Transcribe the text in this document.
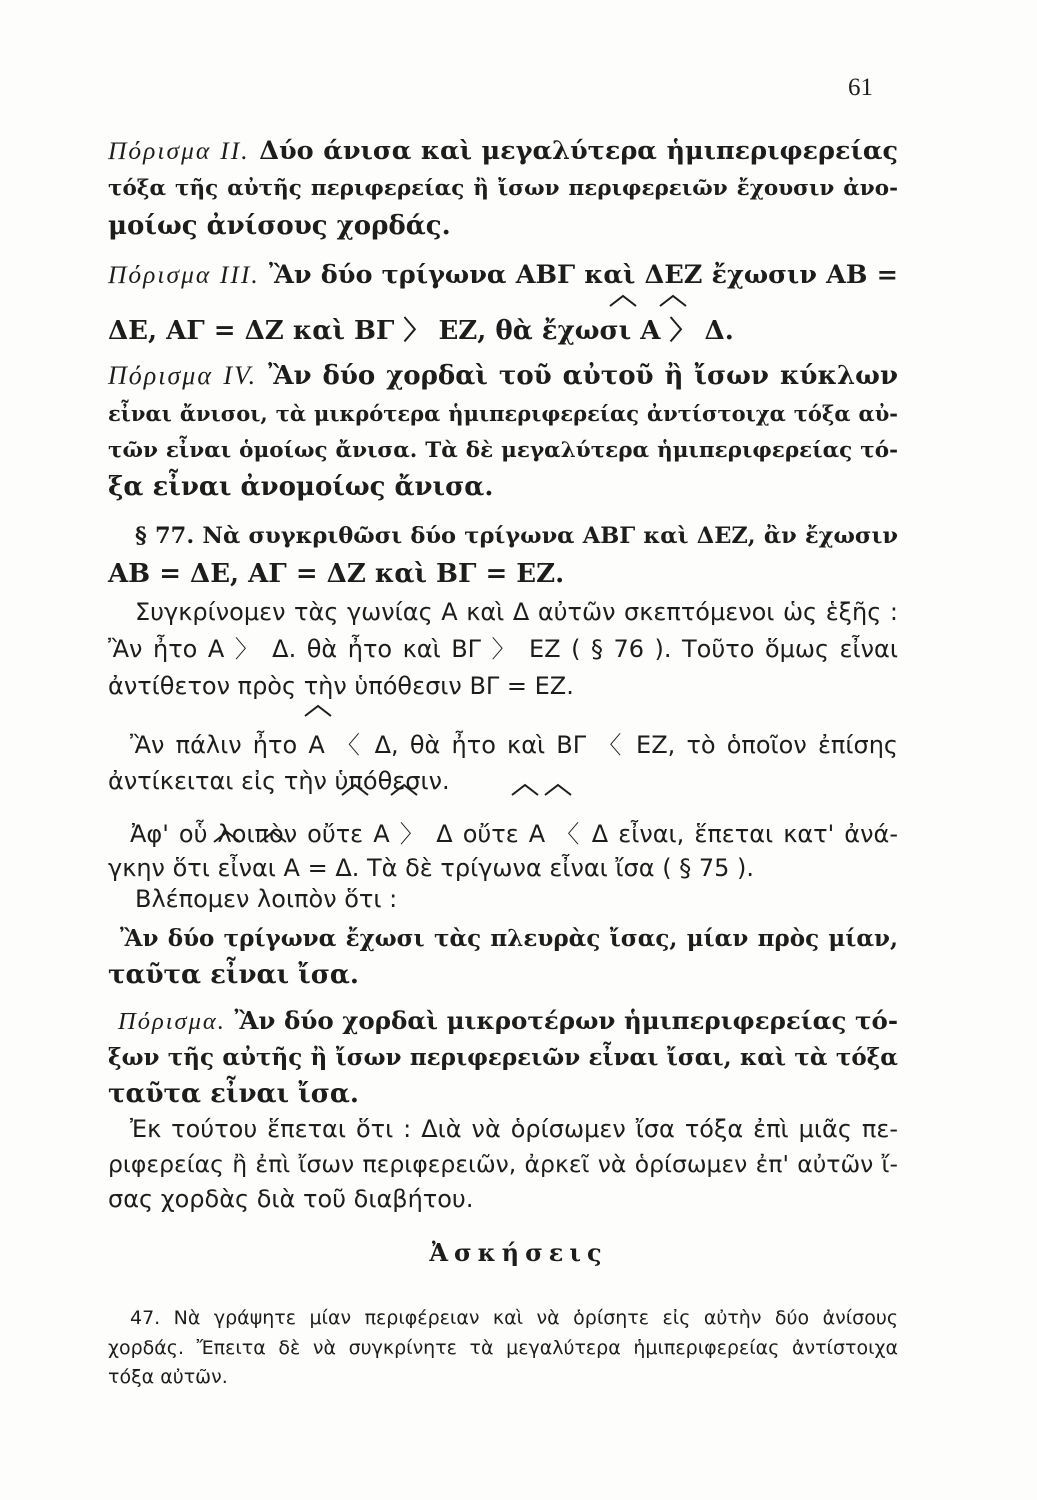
61
Πόρισμα II. Δύο άνισα καὶ μεγαλύτερα ἡμιπεριφερείας
τόξα τῆς αὐτῆς περιφερείας ἢ ἴσων περιφερειῶν ἔχουσιν ἀνο-
μοίως ἀνίσους χορδάς.
Πόρισμα III. Ἂν δύο τρίγωνα ΑΒΓ καὶ ΔΕΖ ἔχωσιν ΑΒ =
ΔΕ, ΑΓ = ΔΖ καὶ ΒΓ 〉 ΕΖ, θὰ ἔχωσι Α 〉 Δ.
Πόρισμα IV. Ἂν δύο χορδαὶ τοῦ αὐτοῦ ἢ ἴσων κύκλων
εἶναι ἄνισοι, τὰ μικρότερα ἡμιπεριφερείας ἀντίστοιχα τόξα αὐ-
τῶν εἶναι ὁμοίως ἄνισα. Τὰ δὲ μεγαλύτερα ἡμιπεριφερείας τό-
ξα εἶναι ἀνομοίως ἄνισα.
§ 77. Νὰ συγκριθῶσι δύο τρίγωνα ΑΒΓ καὶ ΔΕΖ, ἂν ἔχωσιν
ΑΒ = ΔΕ, ΑΓ = ΔΖ καὶ ΒΓ = ΕΖ.
Συγκρίνομεν τὰς γωνίας Α καὶ Δ αὐτῶν σκεπτόμενοι ὡς ἑξῆς :
Ἂν ἦτο Α 〉 Δ. θὰ ἦτο καὶ ΒΓ 〉 ΕΖ ( § 76 ). Τοῦτο ὅμως εἶναι
ἀντίθετον πρὸς τὴν ὑπόθεσιν ΒΓ = ΕΖ.
Ἂν πάλιν ἦτο Α 〈 Δ, θὰ ἦτο καὶ ΒΓ 〈 ΕΖ, τὸ ὁποῖον ἐπίσης
ἀντίκειται εἰς τὴν ὑπόθεσιν.
Ἀφ' οὗ λοιπὸν οὔτε Α 〉 Δ οὔτε Α 〈 Δ εἶναι, ἕπεται κατ' ἀνά-
γκην ὅτι εἶναι Α = Δ. Τὰ δὲ τρίγωνα εἶναι ἴσα ( § 75 ).
Βλέπομεν λοιπὸν ὅτι :
Ἂν δύο τρίγωνα ἔχωσι τὰς πλευρὰς ἴσας, μίαν πρὸς μίαν,
ταῦτα εἶναι ἴσα.
Πόρισμα. Ἂν δύο χορδαὶ μικροτέρων ἡμιπεριφερείας τό-
ξων τῆς αὐτῆς ἢ ἴσων περιφερειῶν εἶναι ἴσαι, καὶ τὰ τόξα
ταῦτα εἶναι ἴσα.
Ἐκ τούτου ἕπεται ὅτι : Διὰ νὰ ὁρίσωμεν ἴσα τόξα ἐπὶ μιᾶς πε-
ριφερείας ἢ ἐπὶ ἴσων περιφερειῶν, ἀρκεῖ νὰ ὁρίσωμεν ἐπ' αὐτῶν ἴ-
σας χορδὰς διὰ τοῦ διαβήτου.
Ἀσκήσεις
47. Νὰ γράψητε μίαν περιφέρειαν καὶ νὰ ὁρίσητε εἰς αὐτὴν δύο ἀνίσους
χορδάς. Ἔπειτα δὲ νὰ συγκρίνητε τὰ μεγαλύτερα ἡμιπεριφερείας ἀντίστοιχα
τόξα αὐτῶν.
